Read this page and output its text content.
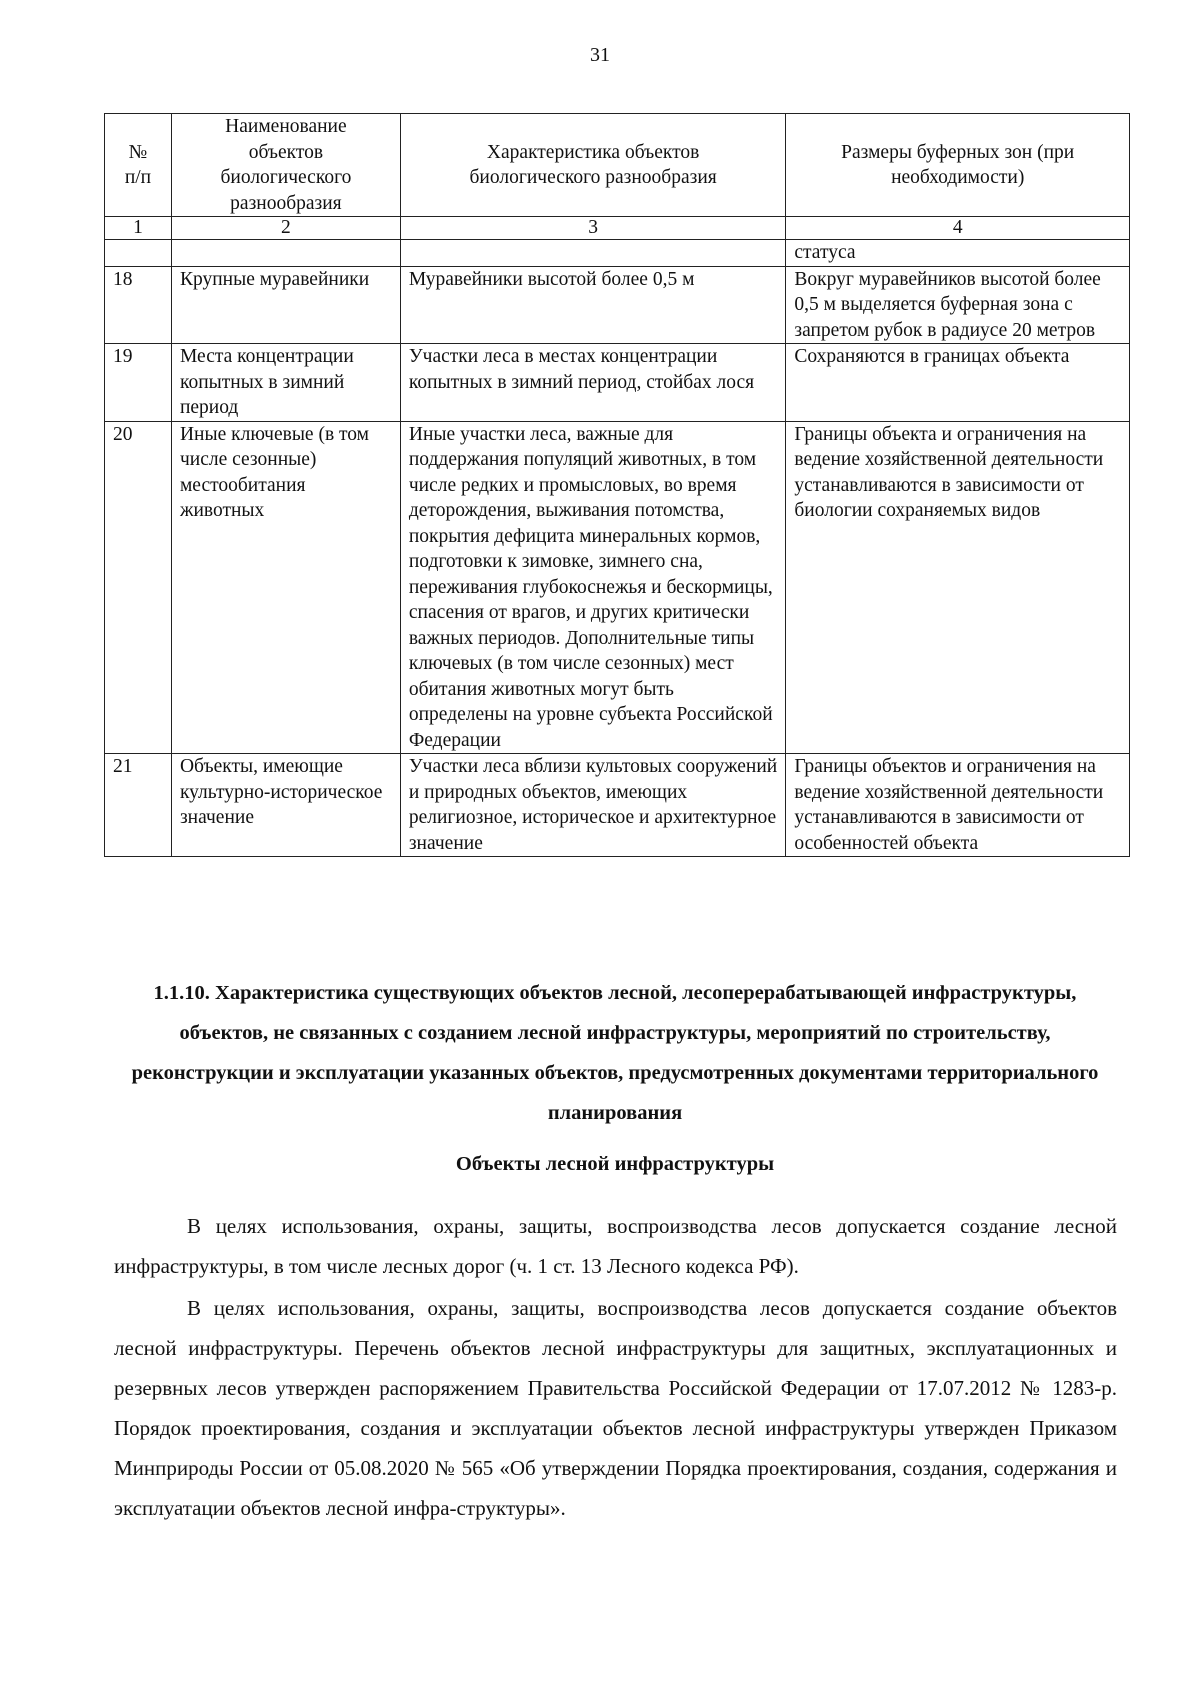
31
№ п/п	Наименование объектов биологического разнообразия	Характеристика объектов биологического разнообразия	Размеры буферных зон (при необходимости)
1	2	3	4
			статуса
18	Крупные муравейники	Муравейники высотой более 0,5 м	Вокруг муравейников высотой более 0,5 м выделяется буферная зона с запретом рубок в радиусе 20 метров
19	Места концентрации копытных в зимний период	Участки леса в местах концентрации копытных в зимний период, стойбах лося	Сохраняются в границах объекта
20	Иные ключевые (в том числе сезонные) местообитания животных	Иные участки леса, важные для поддержания популяций животных, в том числе редких и промысловых, во время деторождения, выживания потомства, покрытия дефицита минеральных кормов, подготовки к зимовке, зимнего сна, переживания глубокоснежья и бескормицы, спасения от врагов, и других критически важных периодов. Дополнительные типы ключевых (в том числе сезонных) мест обитания животных могут быть определены на уровне субъекта Российской Федерации	Границы объекта и ограничения на ведение хозяйственной деятельности устанавливаются в зависимости от биологии сохраняемых видов
21	Объекты, имеющие культурно-историческое значение	Участки леса вблизи культовых сооружений и природных объектов, имеющих религиозное, историческое и архитектурное значение	Границы объектов и ограничения на ведение хозяйственной деятельности устанавливаются в зависимости от особенностей объекта
1.1.10. Характеристика существующих объектов лесной, лесоперерабатывающей инфраструктуры, объектов, не связанных с созданием лесной инфраструктуры, мероприятий по строительству, реконструкции и эксплуатации указанных объектов, предусмотренных документами территориального планирования
Объекты лесной инфраструктуры

В целях использования, охраны, защиты, воспроизводства лесов допускается создание лесной инфраструктуры, в том числе лесных дорог (ч. 1 ст. 13 Лесного кодекса РФ).

В целях использования, охраны, защиты, воспроизводства лесов допускается создание объектов лесной инфраструктуры. Перечень объектов лесной инфраструктуры для защитных, эксплуатационных и резервных лесов утвержден распоряжением Правительства Российской Федерации от 17.07.2012 № 1283-р. Порядок проектирования, создания и эксплуатации объектов лесной инфраструктуры утвержден Приказом Минприроды России от 05.08.2020 № 565 «Об утверждении Порядка проектирования, создания, содержания и эксплуатации объектов лесной инфра-структуры».
